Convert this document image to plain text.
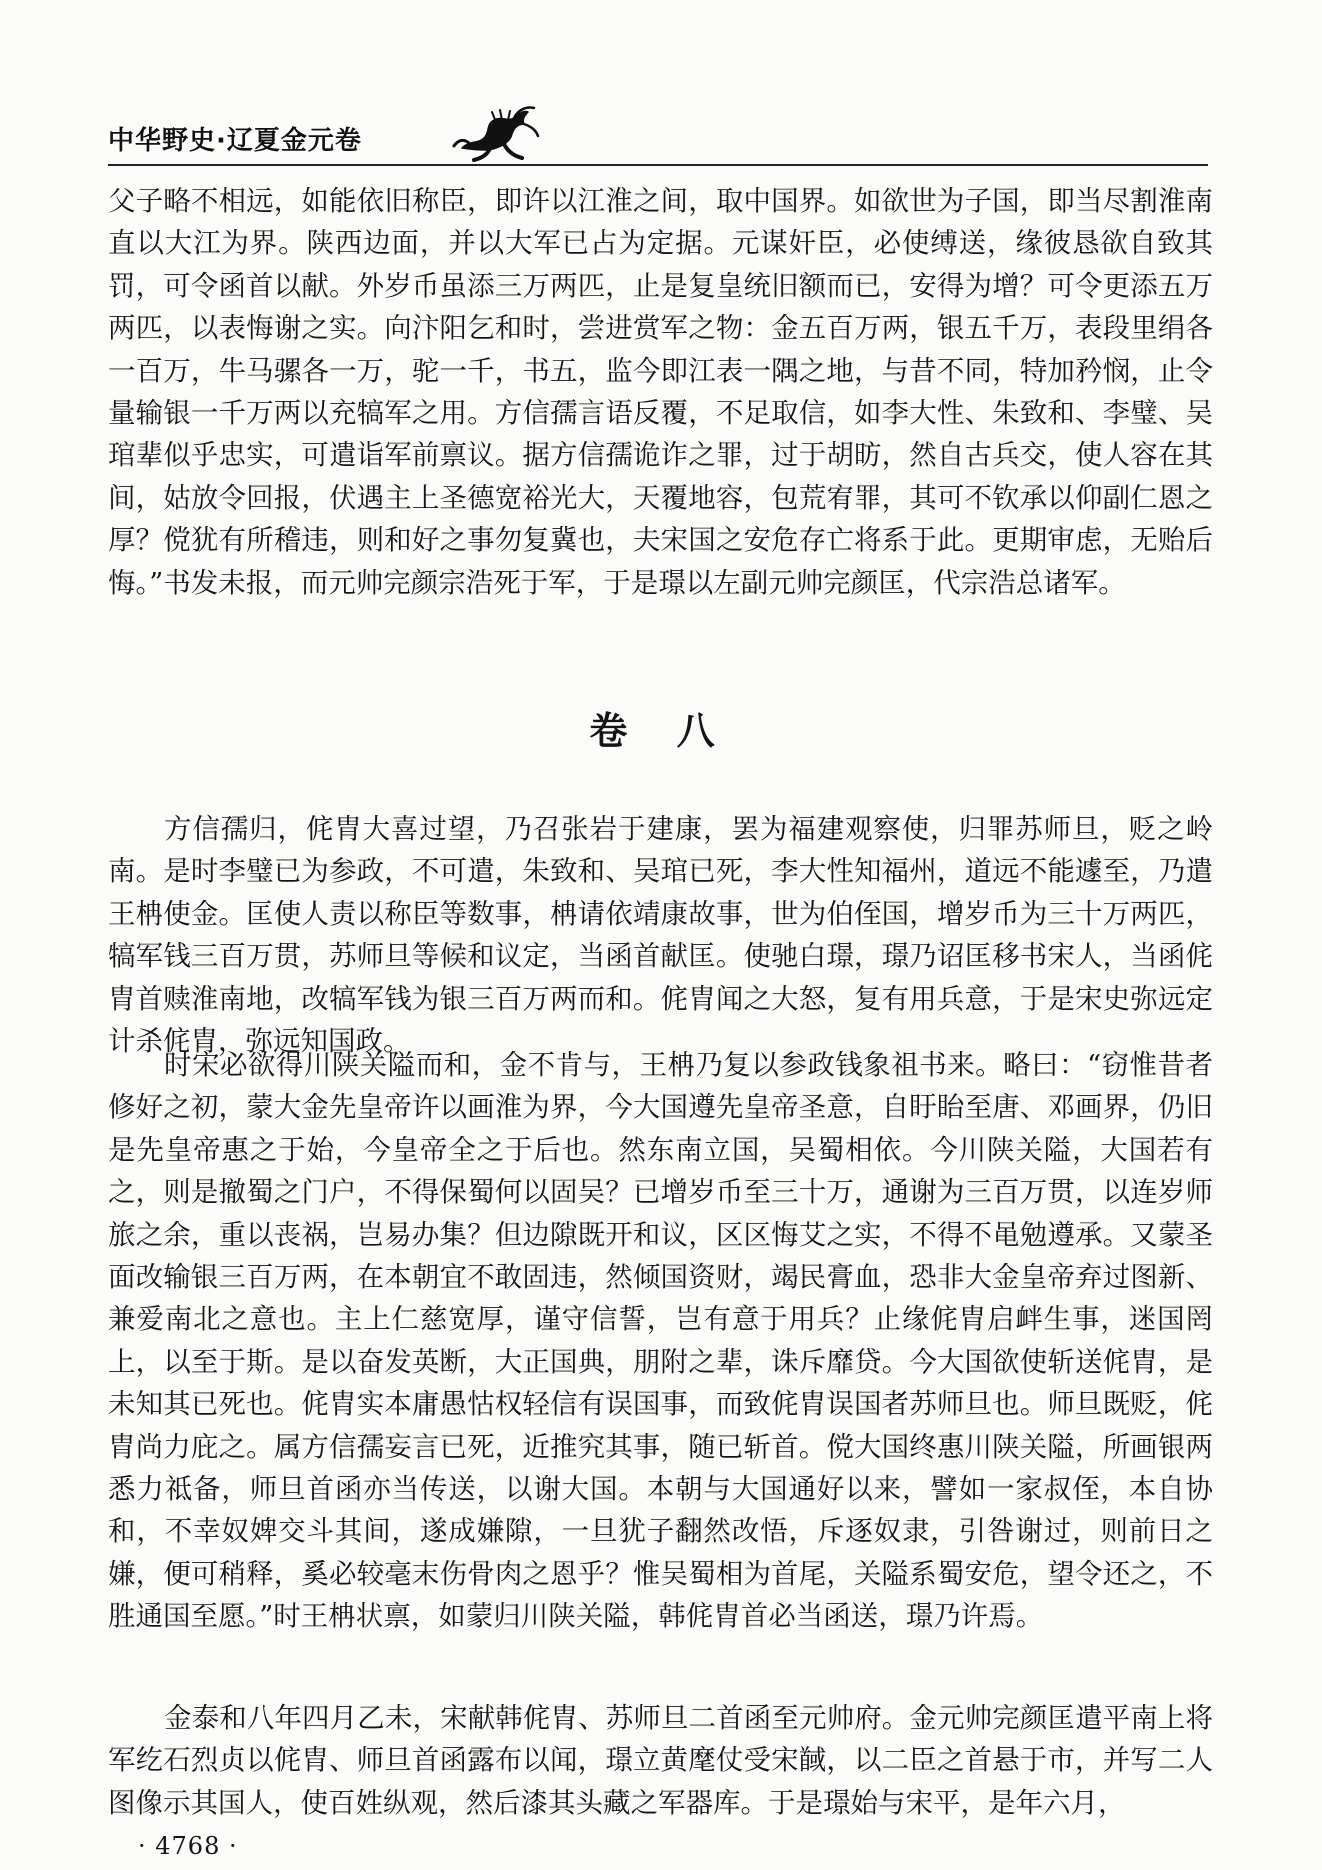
中华野史·辽夏金元卷

父子略不相远，如能依旧称臣，即许以江淮之间，取中国界。如欲世为子国，即当尽割淮南直以大江为界。陕西边面，并以大军已占为定据。元谋奸臣，必使缚送，缘彼恳欲自致其罚，可令函首以献。外岁币虽添三万两匹，止是复皇统旧额而已，安得为增？可令更添五万两匹，以表悔谢之实。向汴阳乞和时，尝进赏军之物：金五百万两，银五千万，表段里绢各一百万，牛马骡各一万，驼一千，书五，监今即江表一隅之地，与昔不同，特加矜悯，止令量输银一千万两以充犒军之用。方信孺言语反覆，不足取信，如李大性、朱致和、李璧、吴琯辈似乎忠实，可遣诣军前禀议。据方信孺诡诈之罪，过于胡昉，然自古兵交，使人容在其间，姑放令回报，伏遇主上圣德宽裕光大，天覆地容，包荒宥罪，其可不钦承以仰副仁恩之厚？傥犹有所稽违，则和好之事勿复冀也，夫宋国之安危存亡将系于此。更期审虑，无贻后悔。”书发未报，而元帅完颜宗浩死于军，于是璟以左副元帅完颜匡，代宗浩总诸军。

卷 八

方信孺归，侂胄大喜过望，乃召张岩于建康，罢为福建观察使，归罪苏师旦，贬之岭南。是时李璧已为参政，不可遣，朱致和、吴琯已死，李大性知福州，道远不能遽至，乃遣王柟使金。匡使人责以称臣等数事，柟请依靖康故事，世为伯侄国，增岁币为三十万两匹，犒军钱三百万贯，苏师旦等候和议定，当函首献匡。使驰白璟，璟乃诏匡移书宋人，当函侂胄首赎淮南地，改犒军钱为银三百万两而和。侂胄闻之大怒，复有用兵意，于是宋史弥远定计杀侂胄，弥远知国政。

时宋必欲得川陕关隘而和，金不肯与，王柟乃复以参政钱象祖书来。略曰：“窃惟昔者修好之初，蒙大金先皇帝许以画淮为界，今大国遵先皇帝圣意，自盱眙至唐、邓画界，仍旧是先皇帝惠之于始，今皇帝全之于后也。然东南立国，吴蜀相依。今川陕关隘，大国若有之，则是撤蜀之门户，不得保蜀何以固吴？已增岁币至三十万，通谢为三百万贯，以连岁师旅之余，重以丧祸，岂易办集？但边隙既开和议，区区悔艾之实，不得不黾勉遵承。又蒙圣面改输银三百万两，在本朝宜不敢固违，然倾国资财，竭民膏血，恐非大金皇帝弃过图新、兼爱南北之意也。主上仁慈宽厚，谨守信誓，岂有意于用兵？止缘侂胄启衅生事，迷国罔上，以至于斯。是以奋发英断，大正国典，朋附之辈，诛斥靡贷。今大国欲使斩送侂胄，是未知其已死也。侂胄实本庸愚怙权轻信有误国事，而致侂胄误国者苏师旦也。师旦既贬，侂胄尚力庇之。属方信孺妄言已死，近推究其事，随已斩首。傥大国终惠川陕关隘，所画银两悉力祗备，师旦首函亦当传送，以谢大国。本朝与大国通好以来，譬如一家叔侄，本自协和，不幸奴婢交斗其间，遂成嫌隙，一旦犹子翻然改悟，斥逐奴隶，引咎谢过，则前日之嫌，便可稍释，奚必较毫末伤骨肉之恩乎？惟吴蜀相为首尾，关隘系蜀安危，望令还之，不胜通国至愿。”时王柟状禀，如蒙归川陕关隘，韩侂胄首必当函送，璟乃许焉。

金泰和八年四月乙未，宋献韩侂胄、苏师旦二首函至元帅府。金元帅完颜匡遣平南上将军纥石烈贞以侂胄、师旦首函露布以闻，璟立黄麾仗受宋馘，以二臣之首悬于市，并写二人图像示其国人，使百姓纵观，然后漆其头藏之军器库。于是璟始与宋平，是年六月，

· 4768 ·
